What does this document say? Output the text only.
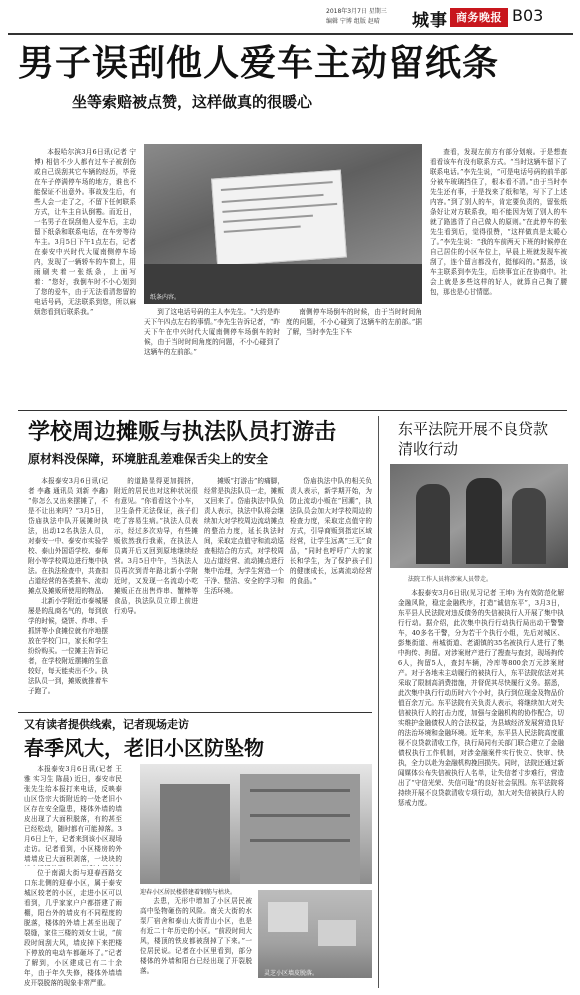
2018年3月7日 星期三
编辑 宁博 组版 赵晴 城事 商务晚报 B03
男子误刮他人爱车主动留纸条
坐等索赔被点赞，这样做真的很暖心

本报哈尔滨3月6日讯(记者 宁博) 相信不少人都有过车子被刮伤或自己误刮其它车辆的经历，毕竟在车子停满停车场的地方，谁也不能保证不出意外。事故发生后，有些人会一走了之，不留下任何联系方式，让车主自认倒霉。而近日，一名男子在误刮他人爱车后，主动留下纸条和联系电话，在车旁等待车主。3月5日下午1点左右，记者在泰安中兴时代大厦南侧停车场内，发现了一辆轿车的车窗上，用雨刷夹着一张纸条，上面写着：“您好，我倒车时不小心划到了您的爱车，由于无法看清您留的电话号码，无法联系到您，所以麻烦您看到后联系我。”

纸条内容。

到了这电话号码的主人李先生。“大约是昨天下午四点左右的事情。”李先生告诉记者，“昨天下午在中兴时代大厦南侧停车场倒车的时候，由于当时时间角度的问题，不小心碰到了这辆车的左前部。”

南侧停车场倒车的时候，由于当时时间角度的问题，不小心碰到了这辆车的左前部。”据了解，当时李先生下车

查看，发现左前方有部分划痕。于是想查看看该车有没有联系方式。“当时这辆车留下了联系电话。”李先生说，“可是电话号码的前半部分被车玻璃挡住了，根本看不清。”由于当时李先生还有事，于是找来了纸和笔，写下了上述内容。”到了别人的车，肯定要负责的，留张纸条好让对方联系我，咱不能因为划了别人的车就了路逃背了自己做人的原则。”在此停车的张先生看到后，觉得很赞，“这样做真是太暖心了。”李先生说：“我的车前两天下班的时候停在自己居住的小区车位上，早晨上班就发现车被刮了，连个留言都没有，挺郁闷的。”据悉，该车主联系到李先生，后续事宜正在协商中。社会上就是多些这样的好人，就算自己掏了腰包，那也是心甘情愿。

学校周边摊贩与执法队员打游击
原材料没保障，环境脏乱差难保舌尖上的安全

本报泰安3月6日讯(记者 李鑫 通讯员 刘新 李鑫) “你怎么又出来摆摊了，不是不让出来吗？”3月5日，岱庙执法中队开展摊时执法，出动12名执法人员，对泰安一中、泰安市实验学校、泰山外国语学校、泰师附小等学校周边进行集中执法。在执法检查中，共查扣占道经营的各类推车、流动摊点及摊贩所使用的物品，

北新小学附近市泰城屡屡是的乱商名气的，每到放学的时候，烧饼、炸串、手抓饼等小食摊位就有序地摆放在学校门口，家长和学生纷纷购买。一位摊主告诉记者，在学校附近摆摊的生意较好，每天能卖出不少。执法队员一到，摊贩就推着车子跑了。

的道路显得更加拥挤，附近的居民也对这种状况很有意见。“你看看这个小车，卫生条件无法保证，孩子们吃了容易生病。”执法人员表示，经过多次劝导，有些摊贩依然我行我素，在执法人员离开后又回到原地继续经营。3月5日中午，当执法人员再次到青年路北新小学附近时，又发现一名流动小吃摊贩正在出售炸串、蟹棒等食品，执法队员立即上前进行劝导。

摊贩“打游击”的痛脚，经常是执法队员一走，摊贩又回来了。岱庙执法中队负责人表示，执法中队将会继续加大对学校周边流动摊点的整治力度，延长执法时间，采取定点值守和流动巡查相结合的方式，对学校周边占道经营、流动摊点进行集中治理，为学生营造一个干净、整洁、安全的学习和生活环境。

岱庙执法中队的相关负责人表示，新学期开始，为防止流动小贩在“回潮”，执法队员会加大对学校周边的检查力度，采取定点值守的方式，引导商贩到指定区域经营，让学生远离“三无”食品，“同时也呼吁广大的家长和学生，为了保护孩子们的健康成长，远离流动经营的食品。”

又有读者提供线索，记者现场走访
春季风大，老旧小区防坠物

本报泰安3月6日讯(记者 王雅 实习生 陈晨) 近日，泰安市民张先生给本报打来电话，反映泰山区岱宗大街附近的一处老旧小区存在安全隐患，楼体外墙的墙皮出现了大面积脱落，有的甚至已经松动，随时都有可能掉落。3月6日上午，记者来到该小区现场走访。记者看到，小区楼房的外墙墙皮已大面积剥落，一块块的

位于南湖大街与迎春西路交口东北侧的迎春小区，属于泰安城区较老的小区，走进小区可以看到，几乎家家户户都搭建了雨棚，阳台外的墙皮有不同程度的脱落，楼体的外墙上甚至出现了裂缝，家住三楼的刘女士说，“前段时间刮大风，墙皮掉下来把楼下停放的电动车都砸坏了。”记者了解到，小区建成已有二十余年，由于年久失修，楼体外墙墙皮开裂脱落的现象非常严重。

迎春小区居民楼搭建着钢筋与枯块。

去患，无形中增加了小区居民被高中坠物砸伤的风险。南关大街的水泵厂宿舍和泰山大街青山小区，也是有近二十年历史的小区。“前段时间大风，楼顶的铁皮都被刮掉了下来。”一位居民说。记者在小区里看到，部分楼体的外墙和阳台已经出现了开裂脱落。	灵芝小区墙皮脱落。
东平法院开展不良贷款清收行动
法院工作人员将涉案人员带走。

本报泰安3月6日讯(见习记者 王坤) 为有效防范化解金融风险，稳定金融秩序，打造“诚信东平”，3月3日，东平县人民法院对违反债务的失信被执行人开展了集中执行行动。据介绍，此次集中执行行动执行局出动干警警车，40多名干警，分为若干个执行小组，先后对城区、彭集街道、州城街道、老湖镇的35名被执行人进行了集中拘传、拘留。对涉案财产进行了搜查与查封，现场拘传6人，拘留5人，查封车辆，冷库等800余万元涉案财产。对于各地未主动履行的被执行人，东平法院依法对其采取了限制高消费措施，并督促其尽快履行义务。据悉，此次集中执行行动历时六个小时，执行到位现金及物品价值百余万元。东平法院有关负责人表示，将继续加大对失信被执行人的打击力度，加强与金融机构的协作配合，切实维护金融债权人的合法权益，为县域经济发展营造良好的法治环境和金融环境。近年来，东平县人民法院高度重视不良贷款清收工作，执行局同有关部门联合建立了金融债权执行工作机制，对涉金融案件实行快立、快审、快执，全力以赴为金融机构挽回损失。同时，法院还通过新闻媒体公布失信被执行人名单，让失信者寸步难行，营造出了“守信光荣、失信可耻”的良好社会氛围。东平法院将持续开展不良贷款清收专项行动，加大对失信被执行人的惩戒力度。
